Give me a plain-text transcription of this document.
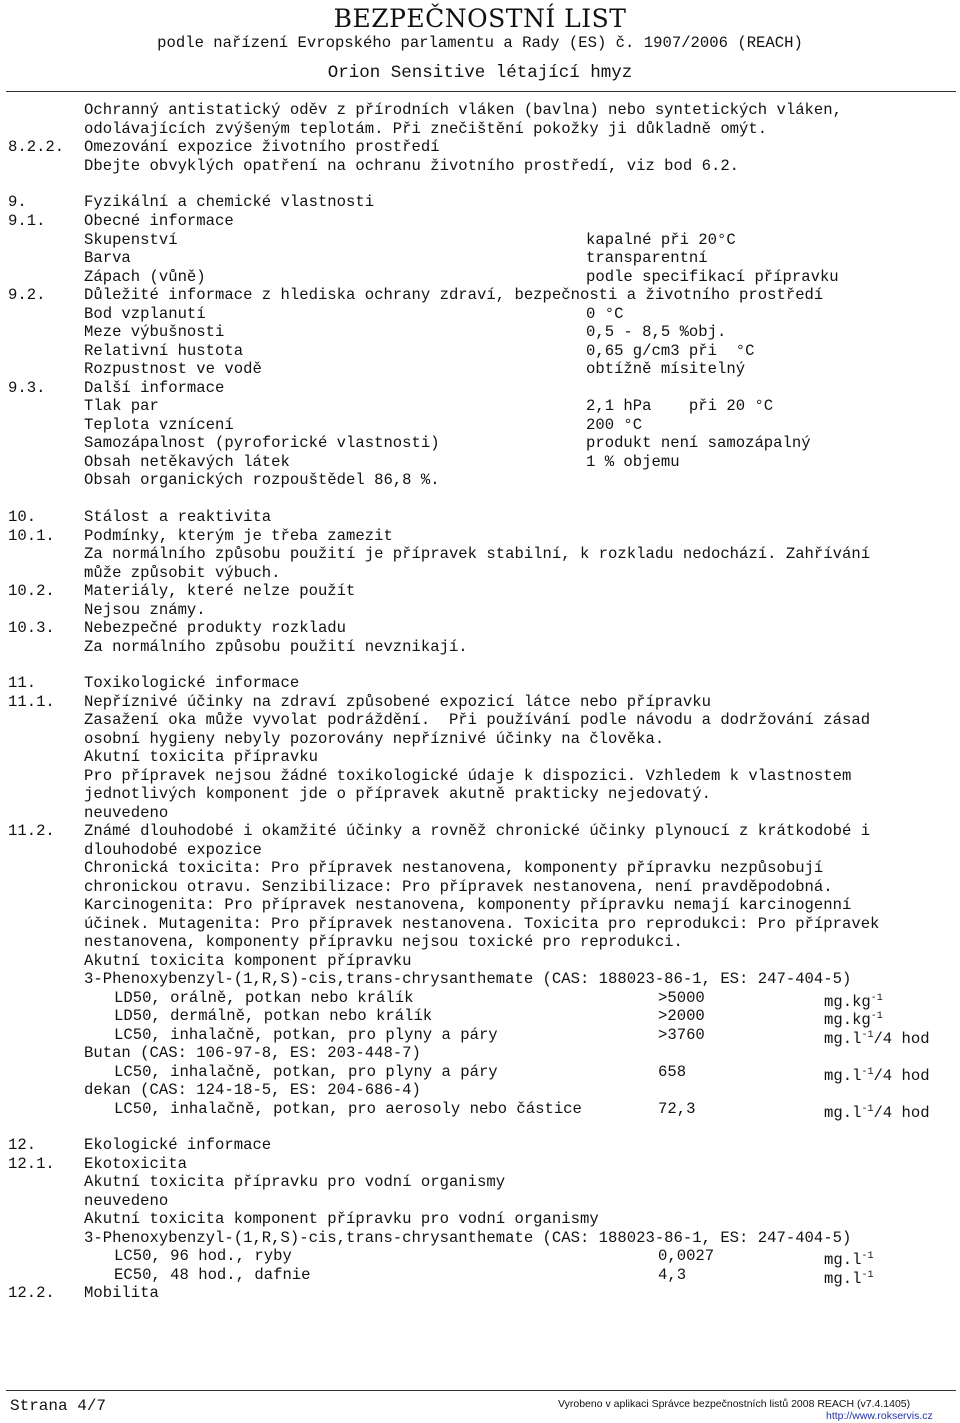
BEZPEČNOSTNÍ LIST
podle nařízení Evropského parlamentu a Rady (ES) č. 1907/2006 (REACH)
Orion Sensitive létající hmyz
Ochranný antistatický oděv z přírodních vláken (bavlna) nebo syntetických vláken,
odolávajících zvýšeným teplotám. Při znečištění pokožky ji důkladně omýt.
8.2.2. Omezování expozice životního prostředí
Dbejte obvyklých opatření na ochranu životního prostředí, viz bod 6.2.
9.	Fyzikální a chemické vlastnosti
9.1. Obecné informace
Skupenství	kapalné při 20°C
Barva	transparentní
Zápach (vůně)	podle specifikací přípravku
9.2. Důležité informace z hlediska ochrany zdraví, bezpečnosti a životního prostředí
Bod vzplanutí	0 °C
Meze výbušnosti	0,5 - 8,5 %obj.
Relativní hustota	0,65 g/cm3 při  °C
Rozpustnost ve vodě	obtížně mísitelný
9.3. Další informace
Tlak par	2,1 hPa    při 20 °C
Teplota vznícení	200 °C
Samozápalnost (pyroforické vlastnosti)	produkt není samozápalný
Obsah netěkavých látek	1 % objemu
Obsah organických rozpouštědel 86,8 %.
10.	Stálost a reaktivita
10.1. Podmínky, kterým je třeba zamezit
Za normálního způsobu použití je přípravek stabilní, k rozkladu nedochází. Zahřívání
může způsobit výbuch.
10.2. Materiály, které nelze použít
Nejsou známy.
10.3. Nebezpečné produkty rozkladu
Za normálního způsobu použití nevznikají.
11.	Toxikologické informace
11.1. Nepříznivé účinky na zdraví způsobené expozicí látce nebo přípravku
Zasažení oka může vyvolat podráždění.  Při používání podle návodu a dodržování zásad
osobní hygieny nebyly pozorovány nepříznivé účinky na člověka.
Akutní toxicita přípravku
Pro přípravek nejsou žádné toxikologické údaje k dispozici. Vzhledem k vlastnostem
jednotlivých komponent jde o přípravek akutně prakticky nejedovatý.
neuvedeno
11.2. Známé dlouhodobé i okamžité účinky a rovněž chronické účinky plynoucí z krátkodobé i
dlouhodobé expozice
Chronická toxicita: Pro přípravek nestanovena, komponenty přípravku nezpůsobují
chronickou otravu. Senzibilizace: Pro přípravek nestanovena, není pravděpodobná.
Karcinogenita: Pro přípravek nestanovena, komponenty přípravku nemají karcinogenní
účinek. Mutagenita: Pro přípravek nestanovena. Toxicita pro reprodukci: Pro přípravek
nestanovena, komponenty přípravku nejsou toxické pro reprodukci.
Akutní toxicita komponent přípravku
3-Phenoxybenzyl-(1,R,S)-cis,trans-chrysanthemate (CAS: 188023-86-1, ES: 247-404-5)
LD50, orálně, potkan nebo králík	>5000	$mg.kg^{-1}$
LD50, dermálně, potkan nebo králík	>2000	$mg.kg^{-1}$
LC50, inhalačně, potkan, pro plyny a páry	>3760	$mg.l^{-1}/4$ hod
Butan (CAS: 106-97-8, ES: 203-448-7)
LC50, inhalačně, potkan, pro plyny a páry	658	$mg.l^{-1}/4$ hod
dekan (CAS: 124-18-5, ES: 204-686-4)
LC50, inhalačně, potkan, pro aerosoly nebo částice	72,3	$mg.l^{-1}/4$ hod
12.	Ekologické informace
12.1. Ekotoxicita
Akutní toxicita přípravku pro vodní organismy
neuvedeno
Akutní toxicita komponent přípravku pro vodní organismy
3-Phenoxybenzyl-(1,R,S)-cis,trans-chrysanthemate (CAS: 188023-86-1, ES: 247-404-5)
LC50, 96 hod., ryby	0,0027	$mg.l^{-1}$
EC50, 48 hod., dafnie	4,3	$mg.l^{-1}$
12.2. Mobilita
Strana 4/7	Vyrobeno v aplikaci Správce bezpečnostních listů 2008 REACH (v7.4.1405)
http://www.rokservis.cz
